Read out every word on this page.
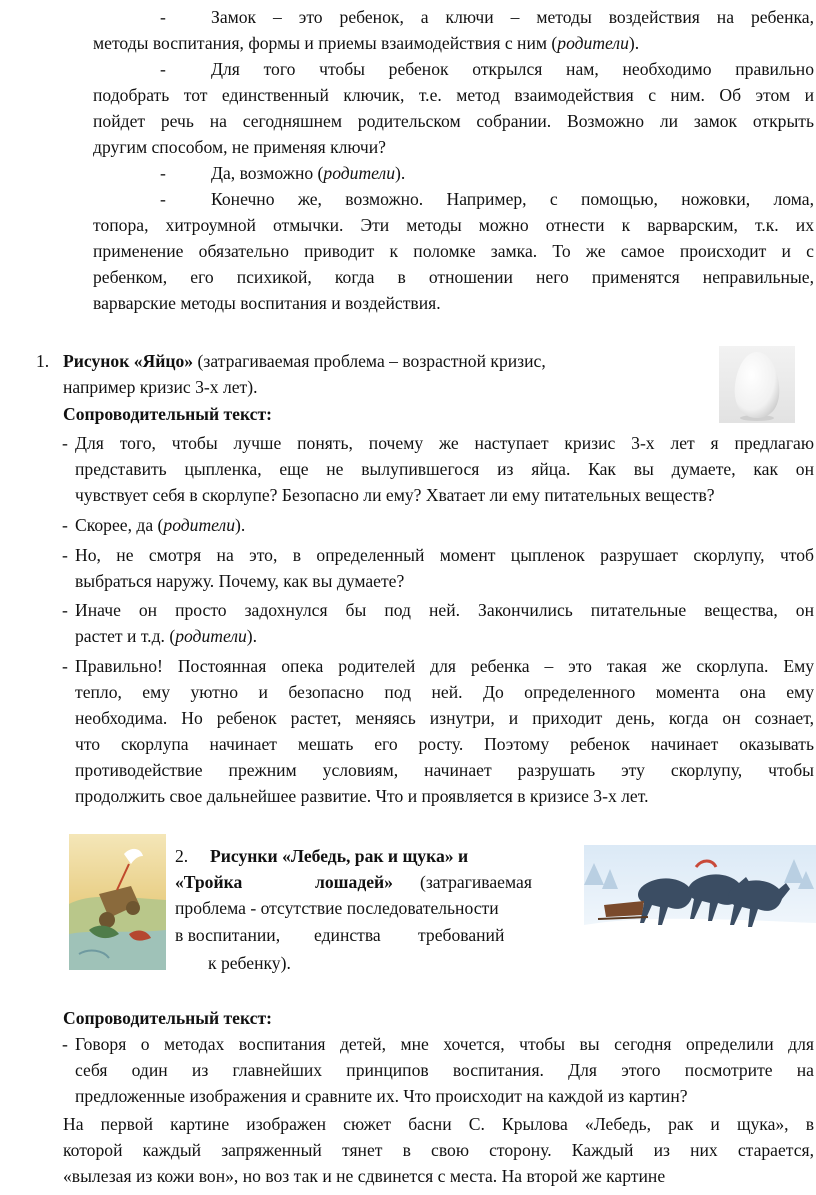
-	Замок – это ребенок, а ключи – методы воздействия на ребенка,
методы воспитания, формы и приемы взаимодействия с ним (родители).
-	Для того чтобы ребенок открылся нам, необходимо правильно
подобрать тот единственный ключик, т.е. метод взаимодействия с ним. Об этом и
пойдет речь на сегодняшнем родительском собрании. Возможно ли замок открыть
другим способом, не применяя ключи?
-	Да, возможно (родители).
-	Конечно же, возможно. Например, с помощью, ножовки, лома,
топора, хитроумной отмычки. Эти методы можно отнести к варварским, т.к. их
применение обязательно приводит к поломке замка. То же самое происходит и с
ребенком, его психикой, когда в отношении него применятся неправильные,
варварские методы воспитания и воздействия.
1. Рисунок «Яйцо» (затрагиваемая проблема – возрастной кризис,
например кризис 3-х лет).
Сопроводительный текст:
- Для того, чтобы лучше понять, почему же наступает кризис 3-х лет я предлагаю
представить цыпленка, еще не вылупившегося из яйца. Как вы думаете, как он
чувствует себя в скорлупе? Безопасно ли ему? Хватает ли ему питательных веществ?
- Скорее, да (родители).
- Но, не смотря на это, в определенный момент цыпленок разрушает скорлупу, чтоб
выбраться наружу. Почему, как вы думаете?
- Иначе он просто задохнулся бы под ней. Закончились питательные вещества, он
растет и т.д. (родители).
- Правильно! Постоянная опека родителей для ребенка – это такая же скорлупа. Ему
тепло, ему уютно и безопасно под ней. До определенного момента она ему
необходима. Но ребенок растет, меняясь изнутри, и приходит день, когда он сознает,
что скорлупа начинает мешать его росту. Поэтому ребенок начинает оказывать
противодействие прежним условиям, начинает разрушать эту скорлупу, чтобы
продолжить свое дальнейшее развитие. Что и проявляется в кризисе 3-х лет.
2. Рисунки «Лебедь, рак и щука» и
«Тройка	лошадей» (затрагиваемая
проблема - отсутствие последовательности
в воспитании, единства требований
к ребенку).
Сопроводительный текст:
- Говоря о методах воспитания детей, мне хочется, чтобы вы сегодня определили для
себя один из главнейших принципов воспитания. Для этого посмотрите на
предложенные изображения и сравните их. Что происходит на каждой из картин?
На первой картине изображен сюжет басни С. Крылова «Лебедь, рак и щука», в
которой каждый запряженный тянет в свою сторону. Каждый из них старается,
«вылезая из кожи вон», но воз так и не сдвинется с места. На второй же картине
